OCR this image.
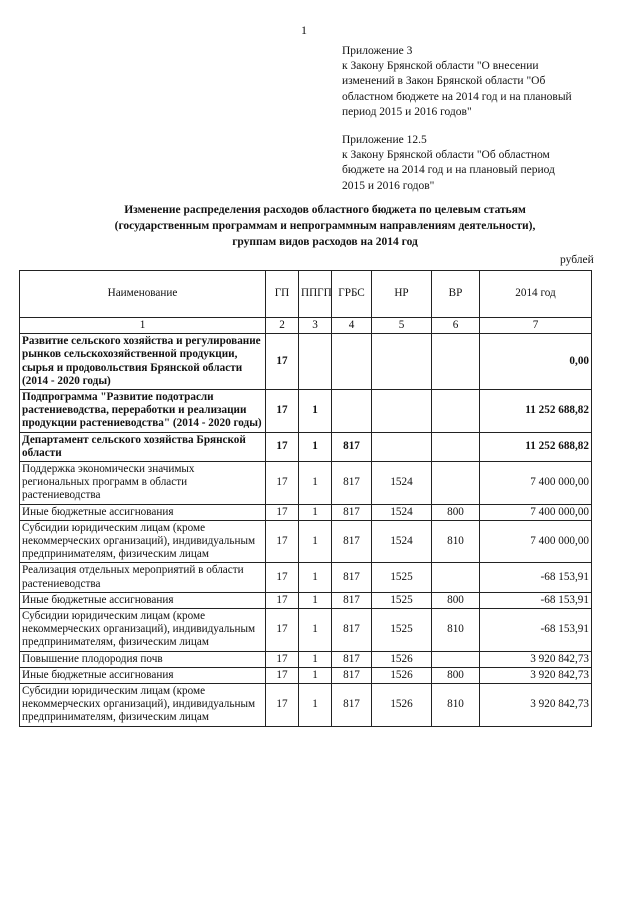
1
Приложение 3
к Закону Брянской области "О внесении
изменений в Закон Брянской области "Об
областном бюджете на 2014 год и на плановый
период 2015 и 2016 годов"
Приложение 12.5
к Закону Брянской области "Об областном
бюджете на 2014 год и на плановый период
2015 и 2016 годов"
Изменение распределения расходов областного бюджета по целевым статьям
(государственным программам и непрограммным направлениям деятельности),
группам видов расходов на 2014 год
рублей
Наименование	ГП	ППГП	ГРБС	НР	ВР	2014 год
1	2	3	4	5	6	7
Развитие сельского хозяйства и регулирование рынков сельскохозяйственной продукции, сырья и продовольствия Брянской области (2014 - 2020 годы)	17					0,00
Подпрограмма "Развитие подотрасли растениеводства, переработки и реализации продукции растениеводства" (2014 - 2020 годы)	17	1				11 252 688,82
Департамент сельского хозяйства Брянской области	17	1	817			11 252 688,82
Поддержка экономически значимых региональных программ в области растениеводства	17	1	817	1524		7 400 000,00
Иные бюджетные ассигнования	17	1	817	1524	800	7 400 000,00
Субсидии юридическим лицам (кроме некоммерческих организаций), индивидуальным предпринимателям, физическим лицам	17	1	817	1524	810	7 400 000,00
Реализация отдельных мероприятий в области растениеводства	17	1	817	1525		-68 153,91
Иные бюджетные ассигнования	17	1	817	1525	800	-68 153,91
Субсидии юридическим лицам (кроме некоммерческих организаций), индивидуальным предпринимателям, физическим лицам	17	1	817	1525	810	-68 153,91
Повышение плодородия почв	17	1	817	1526		3 920 842,73
Иные бюджетные ассигнования	17	1	817	1526	800	3 920 842,73
Субсидии юридическим лицам (кроме некоммерческих организаций), индивидуальным предпринимателям, физическим лицам	17	1	817	1526	810	3 920 842,73
